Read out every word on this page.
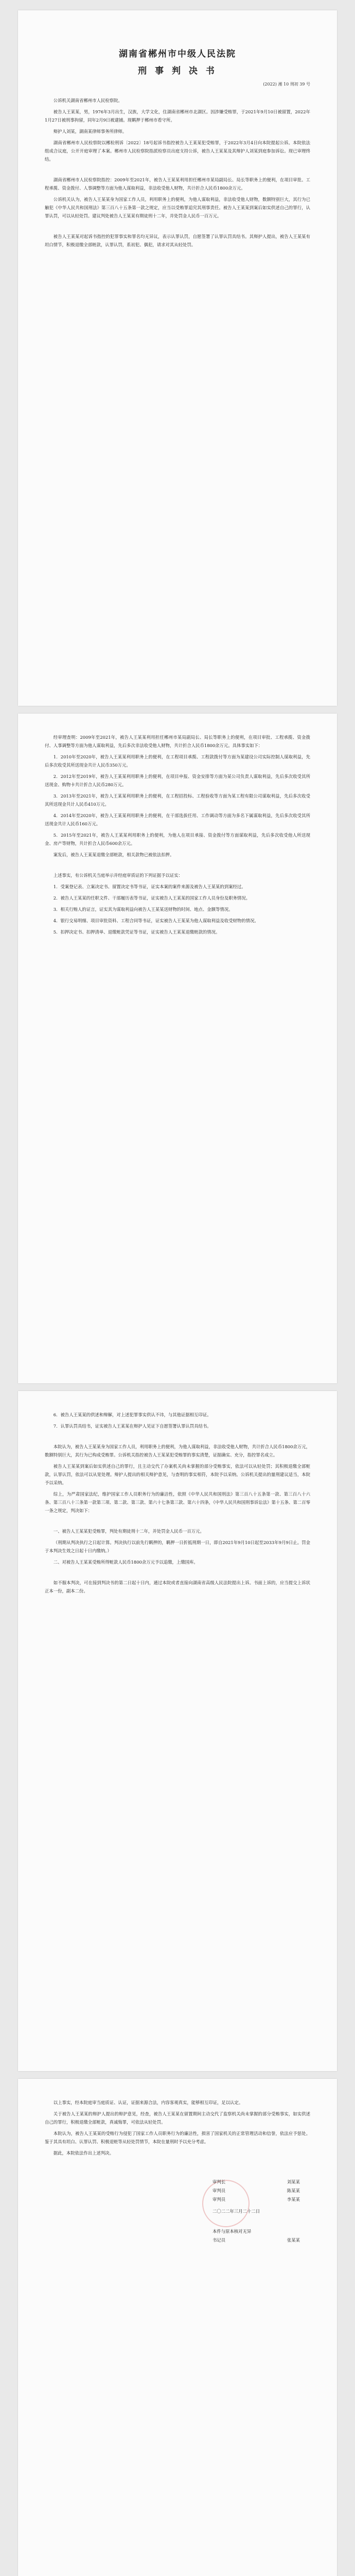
湖南省郴州市中级人民法院
刑 事 判 决 书
(2022) 湘 10 刑初 39 号

公诉机关湖南省郴州市人民检察院。

被告人王某某，男，1976年3月出生，汉族，大学文化，住湖南省郴州市北湖区。因涉嫌受贿罪，于2021年9月10日被留置，2022年1月27日被刑事拘留，同年2月9日被逮捕。现羁押于郴州市看守所。

辩护人刘某，湖南某律师事务所律师。

湖南省郴州市人民检察院以郴检刑诉〔2022〕18号起诉书指控被告人王某某犯受贿罪，于2022年3月4日向本院提起公诉。本院依法组成合议庭，公开开庭审理了本案。郴州市人民检察院指派检察员出庭支持公诉，被告人王某某及其辩护人刘某到庭参加诉讼。现已审理终结。

湖南省郴州市人民检察院指控：2009年至2021年，被告人王某某利用担任郴州市某局副局长、局长等职务上的便利，在项目审批、工程承揽、资金拨付、人事调整等方面为他人谋取利益，非法收受他人财物，共计折合人民币1800余万元。

公诉机关认为，被告人王某某身为国家工作人员，利用职务上的便利，为他人谋取利益，非法收受他人财物，数额特别巨大，其行为已触犯《中华人民共和国刑法》第三百八十五条第一款之规定，应当以受贿罪追究其刑事责任。被告人王某某到案后如实供述自己的罪行，认罪认罚，可以从轻处罚。建议判处被告人王某某有期徒刑十二年，并处罚金人民币一百万元。

被告人王某某对起诉书指控的犯罪事实和罪名均无异议，表示认罪认罚，自愿签署了认罪认罚具结书。其辩护人提出，被告人王某某有坦白情节，积极退缴全部赃款，认罪认罚，系初犯、偶犯，请求对其从轻处罚。

经审理查明：2009年至2021年，被告人王某某利用担任郴州市某局副局长、局长等职务上的便利，在项目审批、工程承揽、资金拨付、人事调整等方面为他人谋取利益，先后多次非法收受他人财物，共计折合人民币1800余万元。具体事实如下：

1．2010年至2020年，被告人王某某利用职务上的便利，在工程项目承揽、工程款拨付等方面为某建设公司实际控制人谋取利益，先后多次收受其所送现金共计人民币350万元。

2．2012年至2019年，被告人王某某利用职务上的便利，在项目申报、资金安排等方面为某公司负责人谋取利益，先后多次收受其所送现金、购物卡共计折合人民币280万元。

3．2013年至2021年，被告人王某某利用职务上的便利，在工程招投标、工程验收等方面为某工程有限公司谋取利益，先后多次收受其所送现金共计人民币410万元。

4．2014年至2020年，被告人王某某利用职务上的便利，在干部选拔任用、工作调动等方面为多名下属谋取利益，先后多次收受其所送现金共计人民币160万元。

5．2015年至2021年，被告人王某某利用职务上的便利，为他人在项目承接、资金拨付等方面谋取利益，先后多次收受他人所送现金、房产等财物，共计折合人民币600余万元。

案发后，被告人王某某退缴全部赃款，相关款物已被依法扣押。

上述事实，有公诉机关当庭举示并经庭审质证的下列证据予以证实：

1．受案登记表、立案决定书、留置决定书等书证，证实本案的案件来源及被告人王某某的到案经过。

2．被告人王某某的任职文件、干部履历表等书证，证实被告人王某某的国家工作人员身份及职务情况。

3．相关行贿人的证言，证实其为谋取利益向被告人王某某送财物的时间、地点、金额等情况。

4．银行交易明细、项目审批资料、工程合同等书证，证实被告人王某某为他人谋取利益及收受财物的情况。

5．扣押决定书、扣押清单、退缴赃款凭证等书证，证实被告人王某某退缴赃款的情况。

6．被告人王某某的供述和辩解，对上述犯罪事实供认不讳，与其他证据相互印证。

7．认罪认罚具结书，证实被告人王某某在辩护人见证下自愿签署认罪认罚具结书。

本院认为，被告人王某某身为国家工作人员，利用职务上的便利，为他人谋取利益，非法收受他人财物，共计折合人民币1800余万元，数额特别巨大，其行为已构成受贿罪。公诉机关指控被告人王某某犯受贿罪的事实清楚，证据确实、充分，指控罪名成立。

被告人王某某到案后如实供述自己的罪行，且主动交代了办案机关尚未掌握的部分受贿事实，依法可以从轻处罚；其积极退缴全部赃款，认罪认罚，依法可以从宽处理。辩护人提出的相关辩护意见，与查明的事实相符，本院予以采纳。公诉机关提出的量刑建议适当，本院予以采纳。

综上，为严肃国家法纪，维护国家工作人员职务行为的廉洁性，依照《中华人民共和国刑法》第三百八十五条第一款、第三百八十六条、第三百八十三条第一款第三项、第二款、第三款、第六十七条第三款、第六十四条，《中华人民共和国刑事诉讼法》第十五条、第二百零一条之规定，判决如下：

一、被告人王某某犯受贿罪，判处有期徒刑十二年，并处罚金人民币一百万元。

（刑期从判决执行之日起计算。判决执行以前先行羁押的，羁押一日折抵刑期一日，即自2021年9月10日起至2033年9月9日止。罚金于本判决生效之日起十日内缴纳。）

二、对被告人王某某受贿所得赃款人民币1800余万元予以追缴，上缴国库。

如不服本判决，可在接到判决书的第二日起十日内，通过本院或者直接向湖南省高级人民法院提出上诉。书面上诉的，应当提交上诉状正本一份，副本二份。

以上事实，经本院庭审当庭质证、认证，证据来源合法，内容客观真实，能够相互印证，足以认定。

关于被告人王某某的辩护人提出的辩护意见，经查，被告人王某某在留置期间主动交代了监察机关尚未掌握的部分受贿事实，如实供述自己的罪行，积极退缴全部赃款，真诚悔罪，可依法从轻处罚。

本院认为，被告人王某某的受贿行为侵犯了国家工作人员职务行为的廉洁性，损害了国家机关的正常管理活动和信誉，依法应予惩处。鉴于其具有坦白、认罪认罚、积极退赃等从轻处罚情节，本院在量刑时予以充分考虑。

据此，本院依法作出上述判决。

审判长	刘某某
审判员	陈某某
审判员	李某某
二〇二二年三月二十二日
本件与原本核对无异
书记员	张某某
